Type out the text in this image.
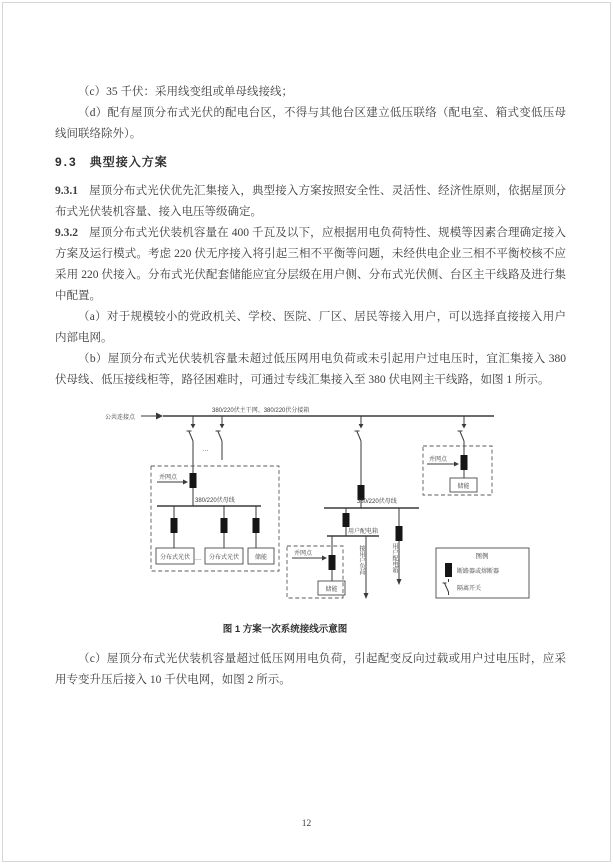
（c）35 千伏：采用线变组或单母线接线；

（d）配有屋顶分布式光伏的配电台区，不得与其他台区建立低压联络（配电室、箱式变低压母线间联络除外）。

9.3 典型接入方案

9.3.1 屋顶分布式光伏优先汇集接入，典型接入方案按照安全性、灵活性、经济性原则，依据屋顶分布式光伏装机容量、接入电压等级确定。

9.3.2 屋顶分布式光伏装机容量在 400 千瓦及以下，应根据用电负荷特性、规模等因素合理确定接入方案及运行模式。考虑 220 伏无序接入将引起三相不平衡等问题，未经供电企业三相不平衡校核不应采用 220 伏接入。分布式光伏配套储能应宜分层级在用户侧、分布式光伏侧、台区主干线路及进行集中配置。

（a）对于规模较小的党政机关、学校、医院、厂区、居民等接入用户，可以选择直接接入用户内部电网。

（b）屋顶分布式光伏装机容量未超过低压网用电负荷或未引起用户过电压时，宜汇集接入 380 伏母线、低压接线柜等，路径困难时，可通过专线汇集接入至 380 伏电网主干线路，如图 1 所示。

公共连接点
380/220伏主干网、380/220伏分接箱
…
并网点
380/220伏母线
分布式光伏 … 分布式光伏	储能
380/220伏母线
用户配电箱
并网点
储能
接用户负荷	用户配电箱
并网点
储能
图例
断路器或熔断器
隔离开关
图 1 方案一次系统接线示意图

（c）屋顶分布式光伏装机容量超过低压网用电负荷，引起配变反向过载或用户过电压时，应采用专变升压后接入 10 千伏电网，如图 2 所示。

12
